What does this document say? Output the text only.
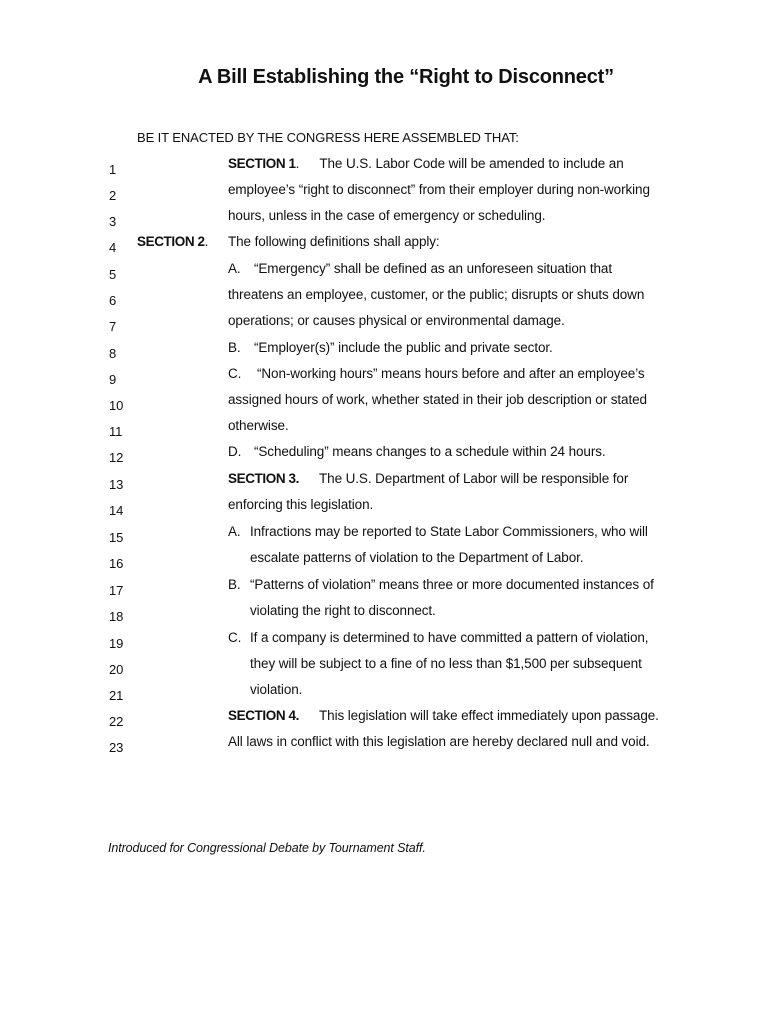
A Bill Establishing the “Right to Disconnect”
BE IT ENACTED BY THE CONGRESS HERE ASSEMBLED THAT:
1	SECTION 1. The U.S. Labor Code will be amended to include an
2	employee’s “right to disconnect” from their employer during non-working
3	hours, unless in the case of emergency or scheduling.
4 SECTION 2. The following definitions shall apply:
5	A. “Emergency” shall be defined as an unforeseen situation that
6	threatens an employee, customer, or the public; disrupts or shuts down
7	operations; or causes physical or environmental damage.
8	B. “Employer(s)” include the public and private sector.
9	C. “Non-working hours” means hours before and after an employee’s
10	assigned hours of work, whether stated in their job description or stated
11	otherwise.
12	D. “Scheduling” means changes to a schedule within 24 hours.
13	SECTION 3. The U.S. Department of Labor will be responsible for
14	enforcing this legislation.
15	A. Infractions may be reported to State Labor Commissioners, who will
16	escalate patterns of violation to the Department of Labor.
17	B. “Patterns of violation” means three or more documented instances of
18	violating the right to disconnect.
19	C. If a company is determined to have committed a pattern of violation,
20	they will be subject to a fine of no less than $1,500 per subsequent
21	violation.
22	SECTION 4. This legislation will take effect immediately upon passage.
23	All laws in conflict with this legislation are hereby declared null and void.
Introduced for Congressional Debate by Tournament Staff.
